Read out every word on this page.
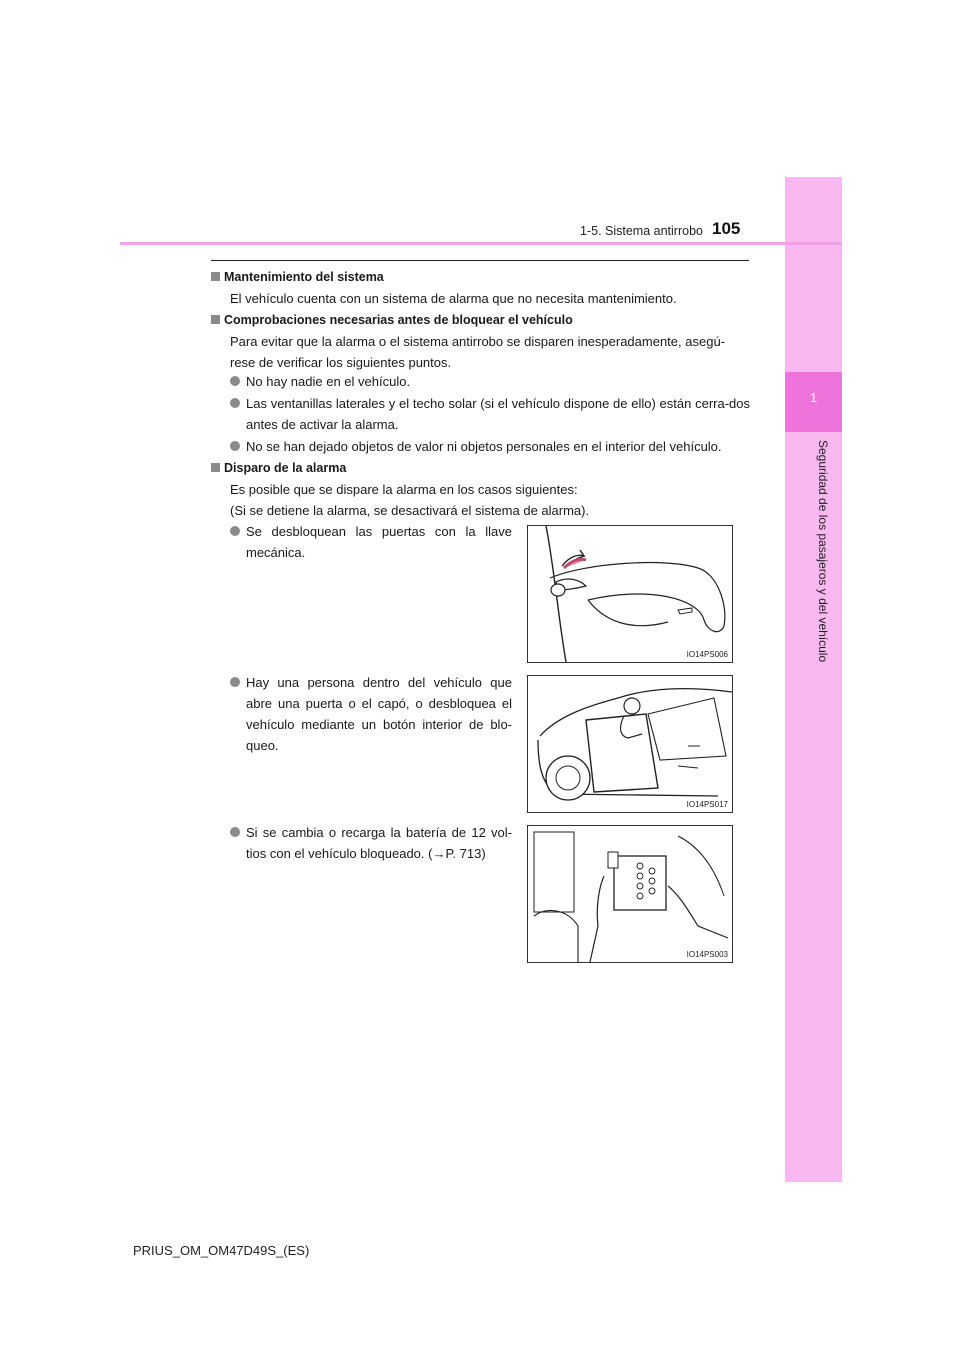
1
Seguridad de los pasajeros y del vehículo
1-5. Sistema antirrobo 105
Mantenimiento del sistema
El vehículo cuenta con un sistema de alarma que no necesita mantenimiento.
Comprobaciones necesarias antes de bloquear el vehículo
Para evitar que la alarma o el sistema antirrobo se disparen inesperadamente, asegú-
rese de verificar los siguientes puntos.
No hay nadie en el vehículo.
Las ventanillas laterales y el techo solar (si el vehículo dispone de ello) están cerra-dos antes de activar la alarma.
No se han dejado objetos de valor ni objetos personales en el interior del vehículo.
Disparo de la alarma
Es posible que se dispare la alarma en los casos siguientes:
(Si se detiene la alarma, se desactivará el sistema de alarma).
Se desbloquean las puertas con la llave mecánica.
Hay una persona dentro del vehículo que abre una puerta o el capó, o desbloquea el vehículo mediante un botón interior de blo-queo.
Si se cambia o recarga la batería de 12 vol-tios con el vehículo bloqueado. (→P. 713)
IO14PS006
IO14PS017
IO14PS003
PRIUS_OM_OM47D49S_(ES)
